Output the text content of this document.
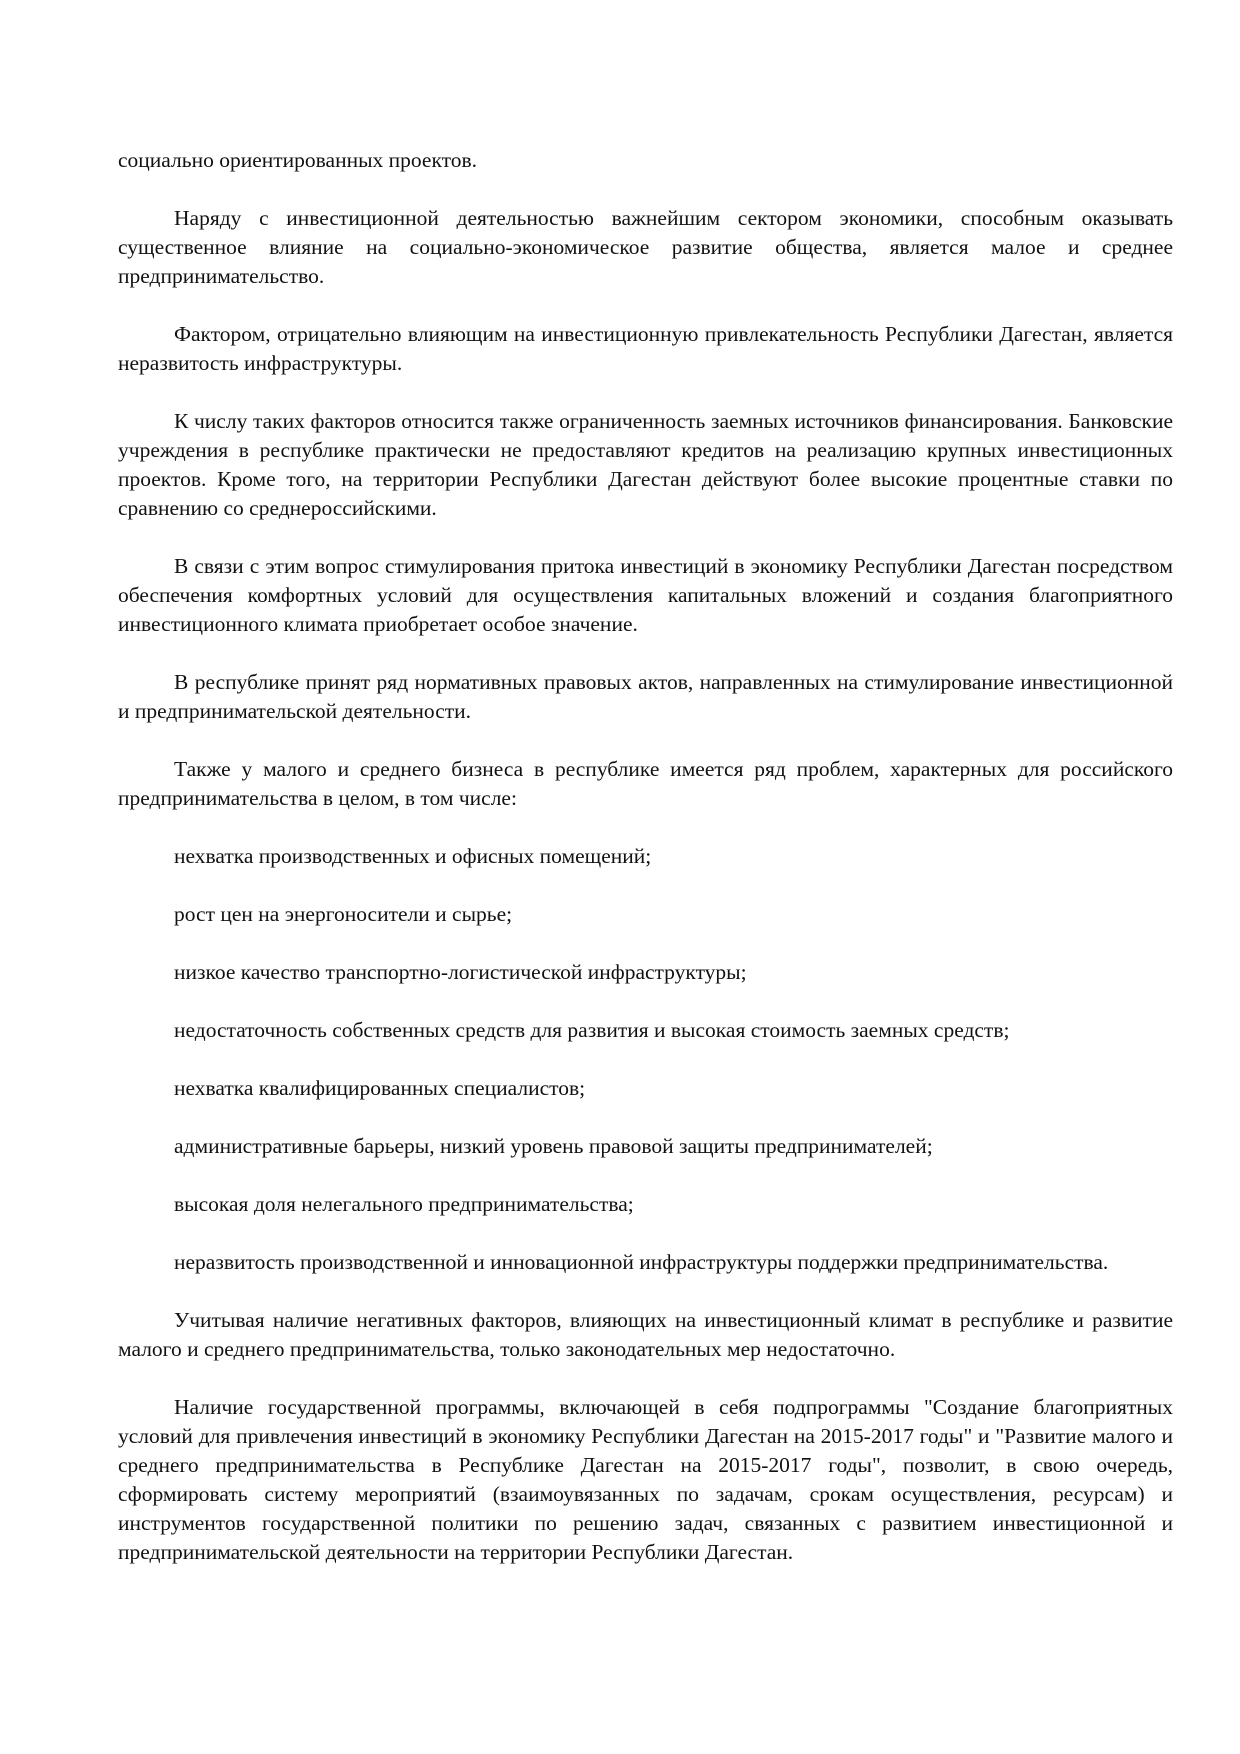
социально ориентированных проектов.

Наряду с инвестиционной деятельностью важнейшим сектором экономики, способным оказывать существенное влияние на социально-экономическое развитие общества, является малое и среднее предпринимательство.

Фактором, отрицательно влияющим на инвестиционную привлекательность Республики Дагестан, является неразвитость инфраструктуры.

К числу таких факторов относится также ограниченность заемных источников финансирования. Банковские учреждения в республике практически не предоставляют кредитов на реализацию крупных инвестиционных проектов. Кроме того, на территории Республики Дагестан действуют более высокие процентные ставки по сравнению со среднероссийскими.

В связи с этим вопрос стимулирования притока инвестиций в экономику Республики Дагестан посредством обеспечения комфортных условий для осуществления капитальных вложений и создания благоприятного инвестиционного климата приобретает особое значение.

В республике принят ряд нормативных правовых актов, направленных на стимулирование инвестиционной и предпринимательской деятельности.

Также у малого и среднего бизнеса в республике имеется ряд проблем, характерных для российского предпринимательства в целом, в том числе:

нехватка производственных и офисных помещений;

рост цен на энергоносители и сырье;

низкое качество транспортно-логистической инфраструктуры;

недостаточность собственных средств для развития и высокая стоимость заемных средств;

нехватка квалифицированных специалистов;

административные барьеры, низкий уровень правовой защиты предпринимателей;

высокая доля нелегального предпринимательства;

неразвитость производственной и инновационной инфраструктуры поддержки предпринимательства.

Учитывая наличие негативных факторов, влияющих на инвестиционный климат в республике и развитие малого и среднего предпринимательства, только законодательных мер недостаточно.

Наличие государственной программы, включающей в себя подпрограммы "Создание благоприятных условий для привлечения инвестиций в экономику Республики Дагестан на 2015-2017 годы" и "Развитие малого и среднего предпринимательства в Республике Дагестан на 2015-2017 годы", позволит, в свою очередь, сформировать систему мероприятий (взаимоувязанных по задачам, срокам осуществления, ресурсам) и инструментов государственной политики по решению задач, связанных с развитием инвестиционной и предпринимательской деятельности на территории Республики Дагестан.
